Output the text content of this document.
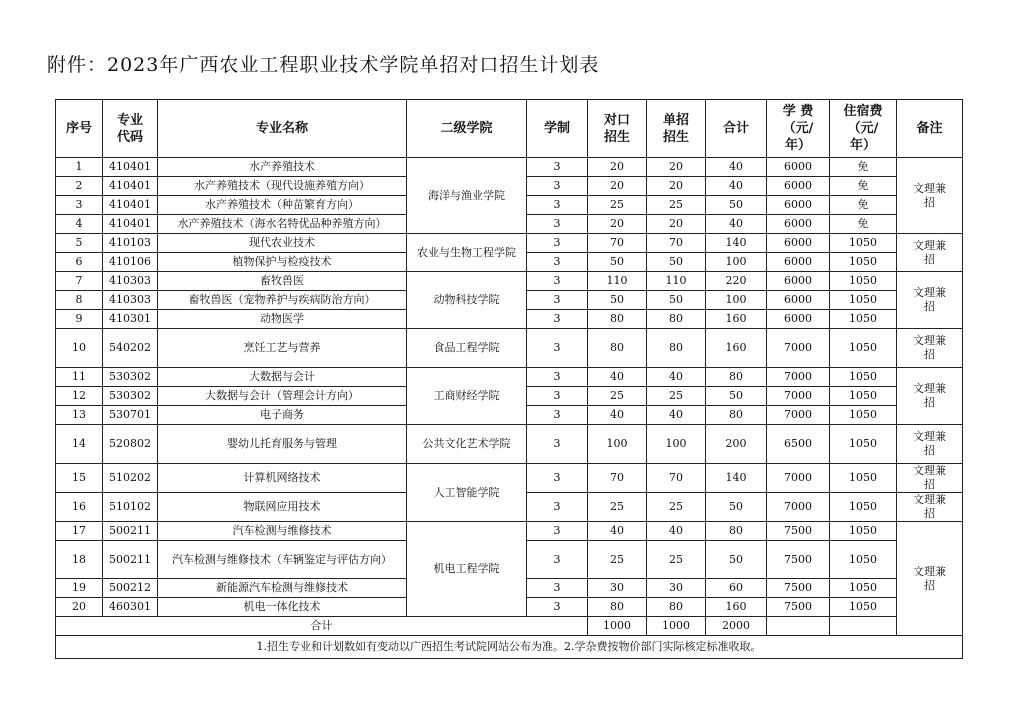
附件：2023年广西农业工程职业技术学院单招对口招生计划表
序号	专业代码	专业名称	二级学院	学制	对口招生	单招招生	合计	学 费（元/年）	住宿费（元/年）	备注	
1	410401	水产养殖技术	海洋与渔业学院	3	20	20	40	6000	免	文理兼招	
2	410401	水产养殖技术（现代设施养殖方向）		3	20	20	40	6000	免		
3	410401	水产养殖技术（种苗繁育方向）		3	25	25	50	6000	免		
4	410401	水产养殖技术（海水名特优品种养殖方向）		3	20	20	40	6000	免		
5	410103	现代农业技术	农业与生物工程学院	3	70	70	140	6000	1050	文理兼招	
6	410106	植物保护与检疫技术		3	50	50	100	6000	1050		
7	410303	畜牧兽医	动物科技学院	3	110	110	220	6000	1050	文理兼招	
8	410303	畜牧兽医（宠物养护与疾病防治方向）		3	50	50	100	6000	1050		
9	410301	动物医学		3	80	80	160	6000	1050		
10	540202	烹饪工艺与营养	食品工程学院	3	80	80	160	7000	1050	文理兼招	
11	530302	大数据与会计	工商财经学院	3	40	40	80	7000	1050	文理兼招	
12	530302	大数据与会计（管理会计方向）		3	25	25	50	7000	1050		
13	530701	电子商务		3	40	40	80	7000	1050		
14	520802	婴幼儿托育服务与管理	公共文化艺术学院	3	100	100	200	6500	1050	文理兼招	
15	510202	计算机网络技术	人工智能学院	3	70	70	140	7000	1050	文理兼招	
16	510102	物联网应用技术		3	25	25	50	7000	1050	文理兼招	
17	500211	汽车检测与维修技术	机电工程学院	3	40	40	80	7500	1050	文理兼招	
18	500211	汽车检测与维修技术（车辆鉴定与评估方向）		3	25	25	50	7500	1050		
19	500212	新能源汽车检测与维修技术		3	30	30	60	7500	1050		
20	460301	机电一体化技术		3	80	80	160	7500	1050		
合计					1000	1000	2000				
1.招生专业和计划数如有变动以广西招生考试院网站公布为准。2.学杂费按物价部门实际核定标准收取。											
